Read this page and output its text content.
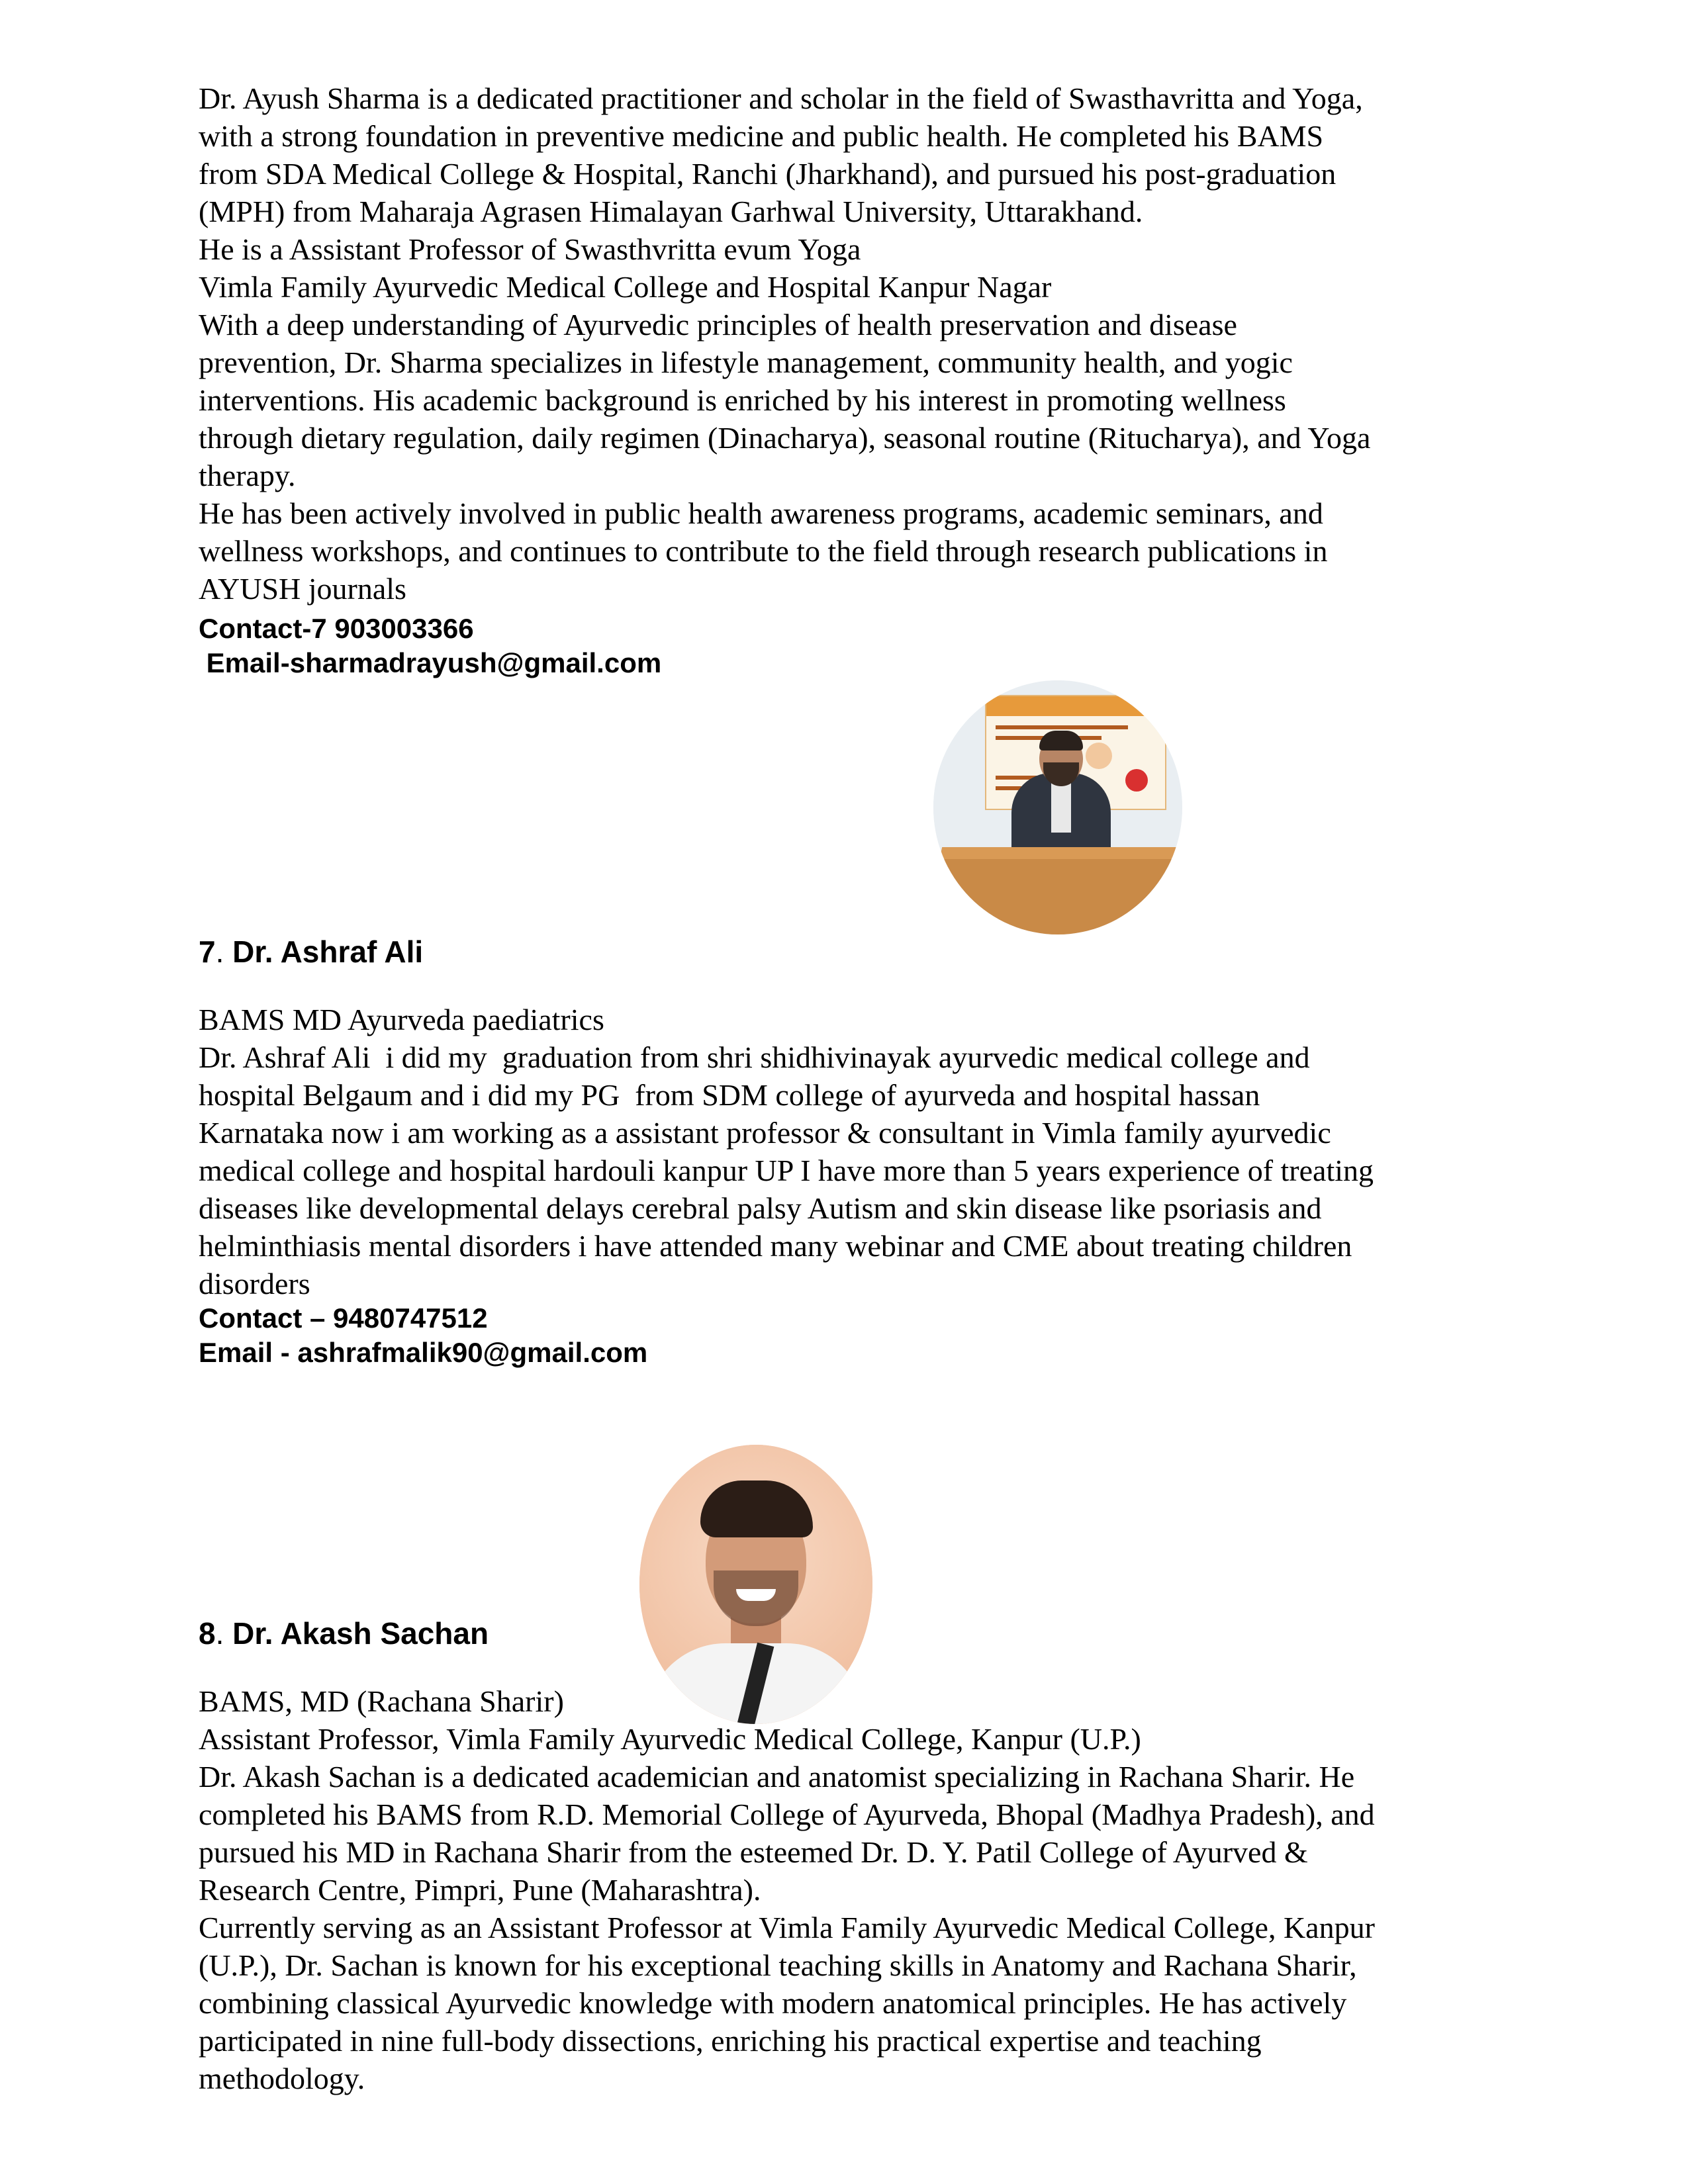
Dr. Ayush Sharma is a dedicated practitioner and scholar in the field of Swasthavritta and Yoga,

with a strong foundation in preventive medicine and public health. He completed his BAMS

from SDA Medical College & Hospital, Ranchi (Jharkhand), and pursued his post-graduation

(MPH) from Maharaja Agrasen Himalayan Garhwal University, Uttarakhand.

He is a Assistant Professor of Swasthvritta evum Yoga

Vimla Family Ayurvedic Medical College and Hospital Kanpur Nagar

With a deep understanding of Ayurvedic principles of health preservation and disease

prevention, Dr. Sharma specializes in lifestyle management, community health, and yogic

interventions. His academic background is enriched by his interest in promoting wellness

through dietary regulation, daily regimen (Dinacharya), seasonal routine (Ritucharya), and Yoga

therapy.

He has been actively involved in public health awareness programs, academic seminars, and

wellness workshops, and continues to contribute to the field through research publications in

AYUSH journals

Contact-7 903003366

Email-sharmadrayush@gmail.com

7. Dr. Ashraf Ali

BAMS MD Ayurveda paediatrics

Dr. Ashraf Ali  i did my  graduation from shri shidhivinayak ayurvedic medical college and

hospital Belgaum and i did my PG  from SDM college of ayurveda and hospital hassan

Karnataka now i am working as a assistant professor & consultant in Vimla family ayurvedic

medical college and hospital hardouli kanpur UP I have more than 5 years experience of treating

diseases like developmental delays cerebral palsy Autism and skin disease like psoriasis and

helminthiasis mental disorders i have attended many webinar and CME about treating children

disorders

Contact – 9480747512

Email - ashrafmalik90@gmail.com

8. Dr. Akash Sachan

BAMS, MD (Rachana Sharir)

Assistant Professor, Vimla Family Ayurvedic Medical College, Kanpur (U.P.)

Dr. Akash Sachan is a dedicated academician and anatomist specializing in Rachana Sharir. He

completed his BAMS from R.D. Memorial College of Ayurveda, Bhopal (Madhya Pradesh), and

pursued his MD in Rachana Sharir from the esteemed Dr. D. Y. Patil College of Ayurved &

Research Centre, Pimpri, Pune (Maharashtra).

Currently serving as an Assistant Professor at Vimla Family Ayurvedic Medical College, Kanpur

(U.P.), Dr. Sachan is known for his exceptional teaching skills in Anatomy and Rachana Sharir,

combining classical Ayurvedic knowledge with modern anatomical principles. He has actively

participated in nine full-body dissections, enriching his practical expertise and teaching

methodology.
